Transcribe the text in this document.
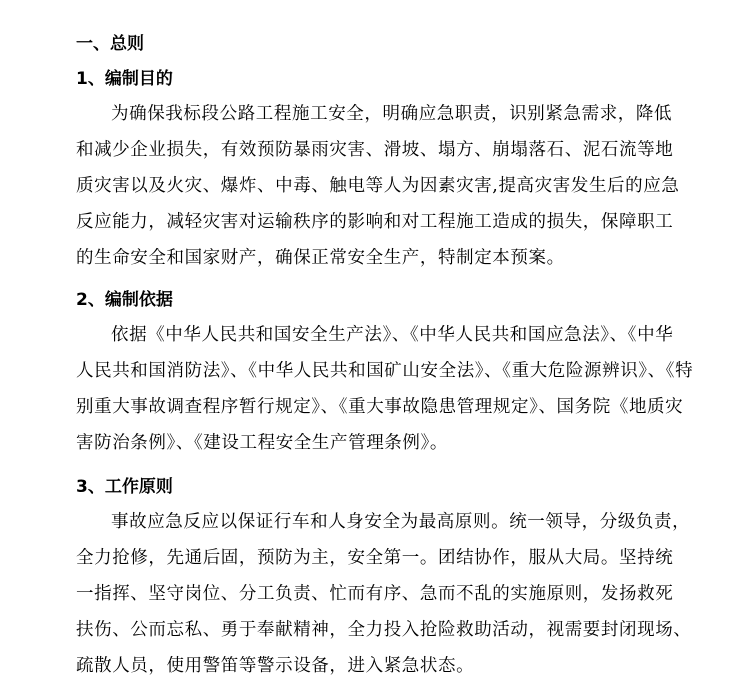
一、总则
1、编制目的
为确保我标段公路工程施工安全，明确应急职责，识别紧急需求，降低
和减少企业损失，有效预防暴雨灾害、滑坡、塌方、崩塌落石、泥石流等地
质灾害以及火灾、爆炸、中毒、触电等人为因素灾害,提高灾害发生后的应急
反应能力，减轻灾害对运输秩序的影响和对工程施工造成的损失，保障职工
的生命安全和国家财产，确保正常安全生产，特制定本预案。
2、编制依据
依据《中华人民共和国安全生产法》、《中华人民共和国应急法》、《中华
人民共和国消防法》、《中华人民共和国矿山安全法》、《重大危险源辨识》、《特
别重大事故调查程序暂行规定》、《重大事故隐患管理规定》、国务院《地质灾
害防治条例》、《建设工程安全生产管理条例》。
3、工作原则
事故应急反应以保证行车和人身安全为最高原则。统一领导，分级负责，
全力抢修，先通后固，预防为主，安全第一。团结协作，服从大局。坚持统
一指挥、坚守岗位、分工负责、忙而有序、急而不乱的实施原则，发扬救死
扶伤、公而忘私、勇于奉献精神，全力投入抢险救助活动，视需要封闭现场、
疏散人员，使用警笛等警示设备，进入紧急状态。
